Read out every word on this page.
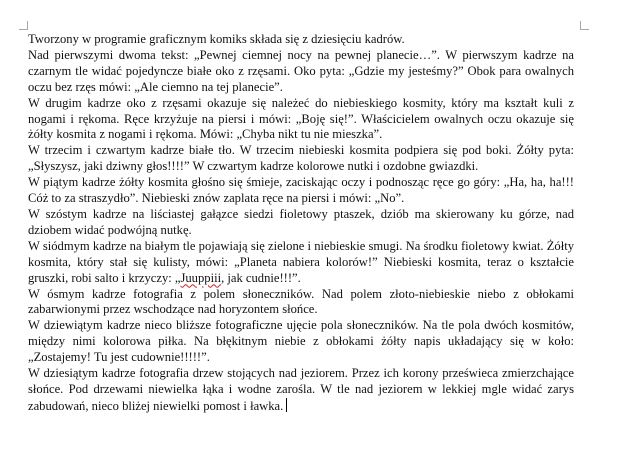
Tworzony w programie graficznym komiks składa się z dziesięciu kadrów.

Nad pierwszymi dwoma tekst: „Pewnej ciemnej nocy na pewnej planecie…”. W pierwszym kadrze na czarnym tle widać pojedyncze białe oko z rzęsami. Oko pyta: „Gdzie my jesteśmy?” Obok para owalnych oczu bez rzęs mówi: „Ale ciemno na tej planecie”.

W drugim kadrze oko z rzęsami okazuje się należeć do niebieskiego kosmity, który ma kształt kuli z nogami i rękoma. Ręce krzyżuje na piersi i mówi: „Boję się!”. Właścicielem owalnych oczu okazuje się żółty kosmita z nogami i rękoma. Mówi: „Chyba nikt tu nie mieszka”.

W trzecim i czwartym kadrze białe tło. W trzecim niebieski kosmita podpiera się pod boki. Żółty pyta: „Słyszysz, jaki dziwny głos!!!!” W czwartym kadrze kolorowe nutki i ozdobne gwiazdki.

W piątym kadrze żółty kosmita głośno się śmieje, zaciskając oczy i podnosząc ręce go góry: „Ha, ha, ha!!! Cóż to za straszydło”. Niebieski znów zaplata ręce na piersi i mówi: „No”.

W szóstym kadrze na liściastej gałązce siedzi fioletowy ptaszek, dziób ma skierowany ku górze, nad dziobem widać podwójną nutkę.

W siódmym kadrze na białym tle pojawiają się zielone i niebieskie smugi. Na środku fioletowy kwiat. Żółty kosmita, który stał się kulisty, mówi: „Planeta nabiera kolorów!” Niebieski kosmita, teraz o kształcie gruszki, robi salto i krzyczy: „Juuppiii, jak cudnie!!!”.

W ósmym kadrze fotografia z polem słoneczników. Nad polem złoto-niebieskie niebo z obłokami zabarwionymi przez wschodzące nad horyzontem słońce.

W dziewiątym kadrze nieco bliższe fotograficzne ujęcie pola słoneczników. Na tle pola dwóch kosmitów, między nimi kolorowa piłka. Na błękitnym niebie z obłokami żółty napis układający się w koło: „Zostajemy! Tu jest cudownie!!!!!”.

W dziesiątym kadrze fotografia drzew stojących nad jeziorem. Przez ich korony prześwieca zmierzchające słońce. Pod drzewami niewielka łąka i wodne zarośla. W tle nad jeziorem w lekkiej mgle widać zarys zabudowań, nieco bliżej niewielki pomost i ławka.
